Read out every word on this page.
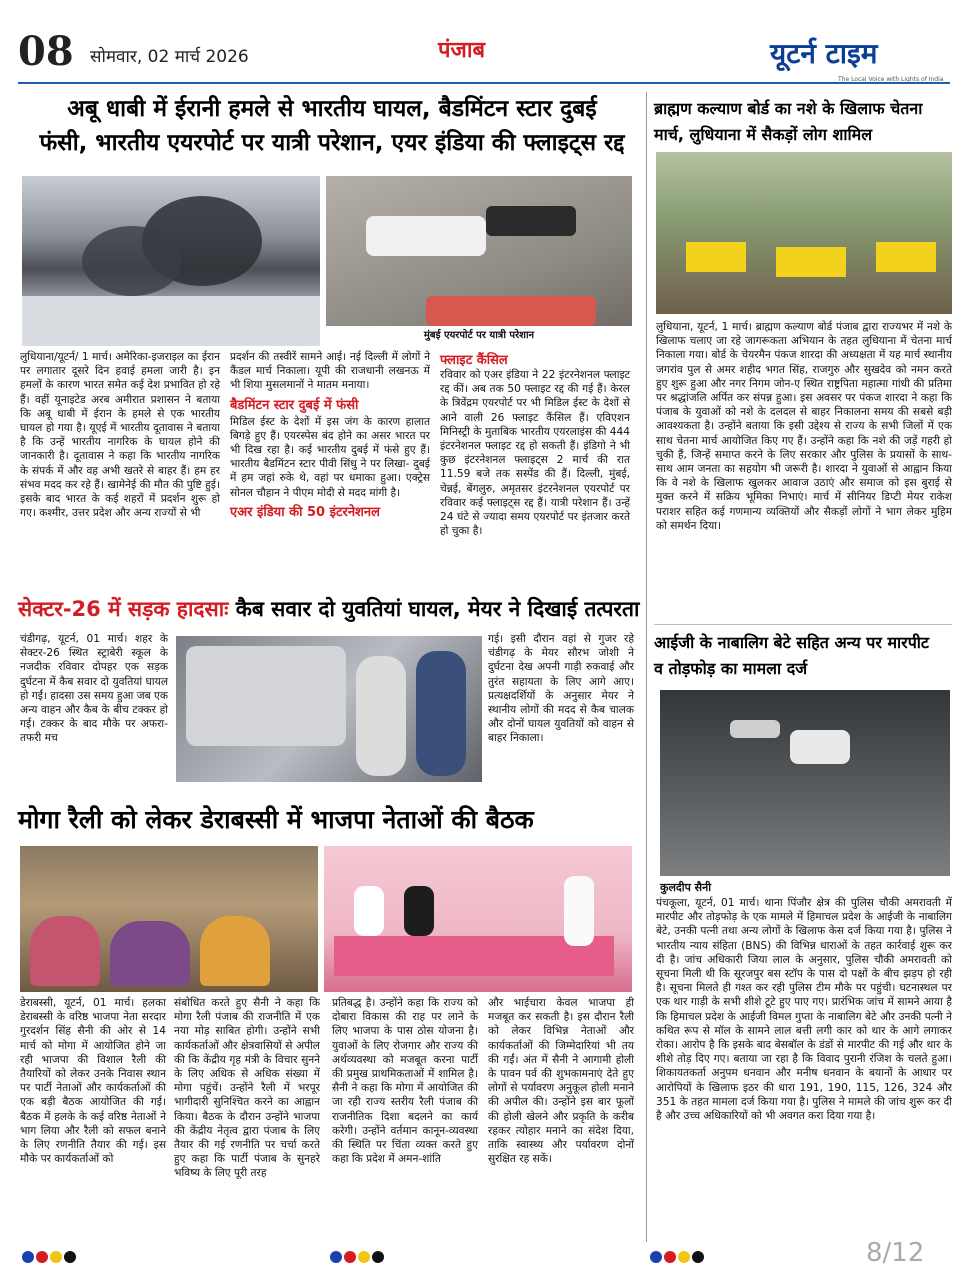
08 सोमवार, 02 मार्च 2026	पंजाब	यूटर्न टाइम
The Local Voice with Lights of India
अबू धाबी में ईरानी हमले से भारतीय घायल, बैडमिंटन स्टार दुबई
फंसी, भारतीय एयरपोर्ट पर यात्री परेशान, एयर इंडिया की फ्लाइट्स रद्द
मुंबई एयरपोर्ट पर यात्री परेशान
लुधियाना/यूटर्न/ 1 मार्च। अमेरिका-इजराइल का ईरान पर लगातार दूसरे दिन हवाई हमला जारी है। इन हमलों के कारण भारत समेत कई देश प्रभावित हो रहे हैं। वहीं यूनाइटेड अरब अमीरात प्रशासन ने बताया कि अबू धाबी में ईरान के हमले से एक भारतीय घायल हो गया है। यूएई में भारतीय दूतावास ने बताया है कि उन्हें भारतीय नागरिक के घायल होने की जानकारी है। दूतावास ने कहा कि भारतीय नागरिक के संपर्क में और वह अभी खतरे से बाहर हैं। हम हर संभव मदद कर रहे हैं। खामेनेई की मौत की पुष्टि हुई। इसके बाद भारत के कई शहरों में प्रदर्शन शुरू हो गए। कश्मीर, उत्तर प्रदेश और अन्य राज्यों से भी
प्रदर्शन की तस्वीरें सामने आई। नई दिल्ली में लोगों ने कैंडल मार्च निकाला। यूपी की राजधानी लखनऊ में भी शिया मुसलमानों ने मातम मनाया।
बैडमिंटन स्टार दुबई में फंसी
मिडिल ईस्ट के देशों में इस जंग के कारण हालात बिगड़े हुए हैं। एयरस्पेस बंद होने का असर भारत पर भी दिख रहा है। कई भारतीय दुबई में फंसे हुए हैं। भारतीय बैडमिंटन स्टार पीवी सिंधु ने पर लिखा- दुबई में हम जहां रुके थे, वहां पर धमाका हुआ। एक्ट्रेस सोनल चौहान ने पीएम मोदी से मदद मांगी है।
एअर इंडिया की 50 इंटरनेशनल
फ्लाइट कैंसिल
रविवार को एअर इंडिया ने 22 इंटरनेशनल फ्लाइट रद्द कीं। अब तक 50 फ्लाइट रद्द की गई हैं। केरल के त्रिवेंद्रम एयरपोर्ट पर भी मिडिल ईस्ट के देशों से आने वाली 26 फ्लाइट कैंसिल हैं। एविएशन मिनिस्ट्री के मुताबिक भारतीय एयरलाइंस की 444 इंटरनेशनल फ्लाइट रद्द हो सकती हैं। इंडिगो ने भी कुछ इंटरनेशनल फ्लाइट्स 2 मार्च की रात 11.59 बजे तक सस्पेंड की हैं। दिल्ली, मुंबई, चेन्नई, बेंगलुरु, अमृतसर इंटरनेशनल एयरपोर्ट पर रविवार कई फ्लाइट्स रद्द हैं। यात्री परेशान हैं। उन्हें 24 घंटे से ज्यादा समय एयरपोर्ट पर इंतजार करते हो चुका है।
सेक्टर-26 में सड़क हादसाः कैब सवार दो युवतियां घायल, मेयर ने दिखाई तत्परता
चंडीगढ़, यूटर्न, 01 मार्च। शहर के सेक्टर-26 स्थित स्ट्राबेरी स्कूल के नजदीक रविवार दोपहर एक सड़क दुर्घटना में कैब सवार दो युवतियां घायल हो गईं। हादसा उस समय हुआ जब एक अन्य वाहन और कैब के बीच टक्कर हो गई। टक्कर के बाद मौके पर अफरा-तफरी मच
गई। इसी दौरान वहां से गुजर रहे चंडीगढ़ के मेयर सौरभ जोशी ने दुर्घटना देख अपनी गाड़ी रुकवाई और तुरंत सहायता के लिए आगे आए। प्रत्यक्षदर्शियों के अनुसार मेयर ने स्थानीय लोगों की मदद से कैब चालक और दोनों घायल युवतियों को वाहन से बाहर निकाला।
मोगा रैली को लेकर डेराबस्सी में भाजपा नेताओं की बैठक
डेराबस्सी, यूटर्न, 01 मार्च। हलका डेराबस्सी के वरिष्ठ भाजपा नेता सरदार गुरदर्शन सिंह सैनी की ओर से 14 मार्च को मोगा में आयोजित होने जा रही भाजपा की विशाल रैली की तैयारियों को लेकर उनके निवास स्थान पर पार्टी नेताओं और कार्यकर्ताओं की एक बड़ी बैठक आयोजित की गई। बैठक में हलके के कई वरिष्ठ नेताओं ने भाग लिया और रैली को सफल बनाने के लिए रणनीति तैयार की गई। इस मौके पर कार्यकर्ताओं को
संबोधित करते हुए सैनी ने कहा कि मोगा रैली पंजाब की राजनीति में एक नया मोड़ साबित होगी। उन्होंने सभी कार्यकर्ताओं और क्षेत्रवासियों से अपील की कि केंद्रीय गृह मंत्री के विचार सुनने के लिए अधिक से अधिक संख्या में मोगा पहुंचें। उन्होंने रैली में भरपूर भागीदारी सुनिश्चित करने का आह्वान किया। बैठक के दौरान उन्होंने भाजपा की केंद्रीय नेतृत्व द्वारा पंजाब के लिए तैयार की गई रणनीति पर चर्चा करते हुए कहा कि पार्टी पंजाब के सुनहरे भविष्य के लिए पूरी तरह
प्रतिबद्ध है। उन्होंने कहा कि राज्य को दोबारा विकास की राह पर लाने के लिए भाजपा के पास ठोस योजना है। युवाओं के लिए रोजगार और राज्य की अर्थव्यवस्था को मजबूत करना पार्टी की प्रमुख प्राथमिकताओं में शामिल है। सैनी ने कहा कि मोगा में आयोजित की जा रही राज्य स्तरीय रैली पंजाब की राजनीतिक दिशा बदलने का कार्य करेगी। उन्होंने वर्तमान कानून-व्यवस्था की स्थिति पर चिंता व्यक्त करते हुए कहा कि प्रदेश में अमन-शांति
और भाईचारा केवल भाजपा ही मजबूत कर सकती है। इस दौरान रैली को लेकर विभिन्न नेताओं और कार्यकर्ताओं की जिम्मेदारियां भी तय की गईं। अंत में सैनी ने आगामी होली के पावन पर्व की शुभकामनाएं देते हुए लोगों से पर्यावरण अनुकूल होली मनाने की अपील की। उन्होंने इस बार फूलों की होली खेलने और प्रकृति के करीब रहकर त्योहार मनाने का संदेश दिया, ताकि स्वास्थ्य और पर्यावरण दोनों सुरक्षित रह सकें।
ब्राह्मण कल्याण बोर्ड का नशे के खिलाफ चेतना
मार्च, लुधियाना में सैकड़ों लोग शामिल
लुधियाना, यूटर्न, 1 मार्च। ब्राह्मण कल्याण बोर्ड पंजाब द्वारा राज्यभर में नशे के खिलाफ चलाए जा रहे जागरूकता अभियान के तहत लुधियाना में चेतना मार्च निकाला गया। बोर्ड के चेयरमैन पंकज शारदा की अध्यक्षता में यह मार्च स्थानीय जगरांव पुल से अमर शहीद भगत सिंह, राजगुरु और सुखदेव को नमन करते हुए शुरू हुआ और नगर निगम जोन-ए स्थित राष्ट्रपिता महात्मा गांधी की प्रतिमा पर श्रद्धांजलि अर्पित कर संपन्न हुआ। इस अवसर पर पंकज शारदा ने कहा कि पंजाब के युवाओं को नशे के दलदल से बाहर निकालना समय की सबसे बड़ी आवश्यकता है। उन्होंने बताया कि इसी उद्देश्य से राज्य के सभी जिलों में एक साथ चेतना मार्च आयोजित किए गए हैं। उन्होंने कहा कि नशे की जड़ें गहरी हो चुकी हैं, जिन्हें समाप्त करने के लिए सरकार और पुलिस के प्रयासों के साथ-साथ आम जनता का सहयोग भी जरूरी है। शारदा ने युवाओं से आह्वान किया कि वे नशे के खिलाफ खुलकर आवाज उठाएं और समाज को इस बुराई से मुक्त करने में सक्रिय भूमिका निभाएं। मार्च में सीनियर डिप्टी मेयर राकेश पराशर सहित कई गणमान्य व्यक्तियों और सैकड़ों लोगों ने भाग लेकर मुहिम को समर्थन दिया।
आईजी के नाबालिग बेटे सहित अन्य पर मारपीट
व तोड़फोड़ का मामला दर्ज
कुलदीप सैनी
पंचकूला, यूटर्न, 01 मार्च। थाना पिंजौर क्षेत्र की पुलिस चौकी अमरावती में मारपीट और तोड़फोड़ के एक मामले में हिमाचल प्रदेश के आईजी के नाबालिग बेटे, उनकी पत्नी तथा अन्य लोगों के खिलाफ केस दर्ज किया गया है। पुलिस ने भारतीय न्याय संहिता (BNS) की विभिन्न धाराओं के तहत कार्रवाई शुरू कर दी है। जांच अधिकारी जिया लाल के अनुसार, पुलिस चौकी अमरावती को सूचना मिली थी कि सूरजपुर बस स्टॉप के पास दो पक्षों के बीच झड़प हो रही है। सूचना मिलते ही गश्त कर रही पुलिस टीम मौके पर पहुंची। घटनास्थल पर एक थार गाड़ी के सभी शीशे टूटे हुए पाए गए। प्रारंभिक जांच में सामने आया है कि हिमाचल प्रदेश के आईजी विमल गुप्ता के नाबालिग बेटे और उनकी पत्नी ने कथित रूप से मॉल के सामने लाल बत्ती लगी कार को थार के आगे लगाकर रोका। आरोप है कि इसके बाद बेसबॉल के डंडों से मारपीट की गई और थार के शीशे तोड़ दिए गए। बताया जा रहा है कि विवाद पुरानी रंजिश के चलते हुआ। शिकायतकर्ता अनुपम धनवान और मनीष धनवान के बयानों के आधार पर आरोपियों के खिलाफ इठर की धारा 191, 190, 115, 126, 324 और 351 के तहत मामला दर्ज किया गया है। पुलिस ने मामले की जांच शुरू कर दी है और उच्च अधिकारियों को भी अवगत करा दिया गया है।
8/12
